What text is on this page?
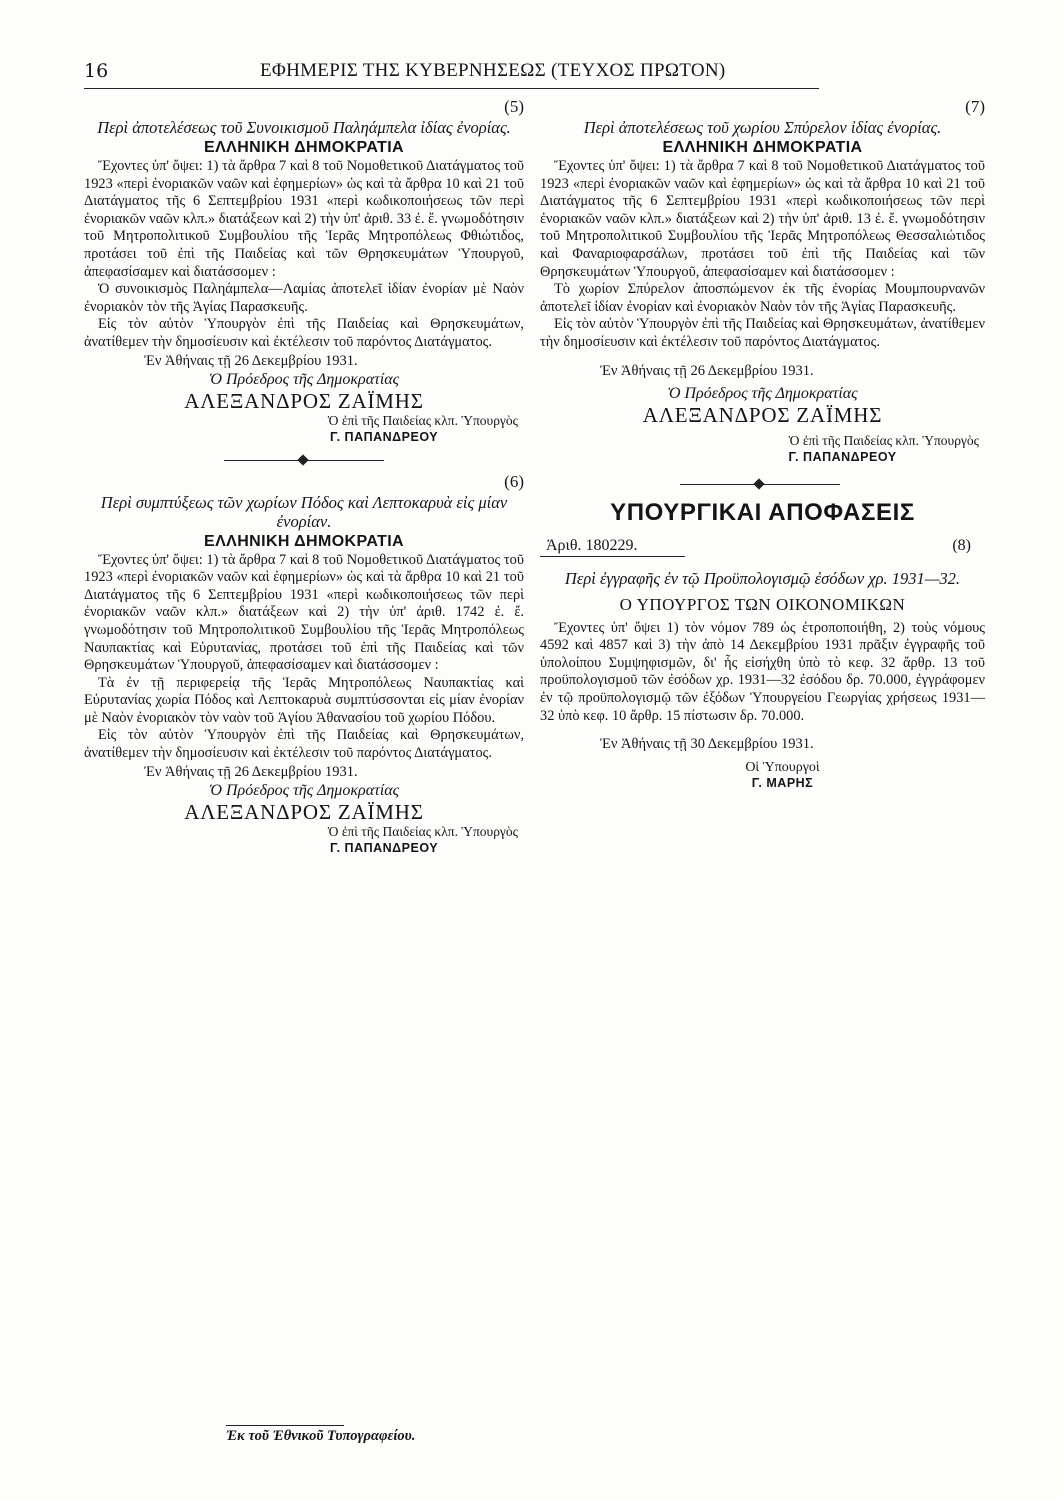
16	ΕΦΗΜΕΡΙΣ ΤΗΣ ΚΥΒΕΡΝΗΣΕΩΣ (ΤΕΥΧΟΣ ΠΡΩΤΟΝ)
(5)
Περὶ ἀποτελέσεως τοῦ Συνοικισμοῦ Παληάμπελα ἰδίας ἐνορίας.
ΕΛΛΗΝΙΚΗ ΔΗΜΟΚΡΑΤΙΑ

Ἔχοντες ὑπ' ὄψει: 1) τὰ ἄρθρα 7 καὶ 8 τοῦ Νομοθετικοῦ Διατάγματος τοῦ 1923 «περὶ ἐνοριακῶν ναῶν καὶ ἐφημερίων» ὡς καὶ τὰ ἄρθρα 10 καὶ 21 τοῦ Διατάγματος τῆς 6 Σεπτεμβρίου 1931 «περὶ κωδικοποιήσεως τῶν περὶ ἐνοριακῶν ναῶν κλπ.» διατάξεων καὶ 2) τὴν ὑπ' ἀριθ. 33 ἐ. ἔ. γνωμοδότησιν τοῦ Μητροπολιτικοῦ Συμβουλίου τῆς Ἱερᾶς Μητροπόλεως Φθιώτιδος, προτάσει τοῦ ἐπὶ τῆς Παιδείας καὶ τῶν Θρησκευμάτων Ὑπουργοῦ, ἀπεφασίσαμεν καὶ διατάσσομεν :

Ὁ συνοικισμὸς Παληάμπελα—Λαμίας ἀποτελεῖ ἰδίαν ἐνορίαν μὲ Ναὸν ἐνοριακὸν τὸν τῆς Ἁγίας Παρασκευῆς.

Εἰς τὸν αὐτὸν Ὑπουργὸν ἐπὶ τῆς Παιδείας καὶ Θρησκευμάτων, ἀνατίθεμεν τὴν δημοσίευσιν καὶ ἐκτέλεσιν τοῦ παρόντος Διατάγματος.

Ἐν Ἀθήναις τῇ 26 Δεκεμβρίου 1931.
Ὁ Πρόεδρος τῆς Δημοκρατίας
ΑΛΕΞΑΝΔΡΟΣ ΖΑΪΜΗΣ
Ὁ ἐπὶ τῆς Παιδείας κλπ. Ὑπουργὸς
Γ. ΠΑΠΑΝΔΡΕΟΥ
(6)
Περὶ συμπτύξεως τῶν χωρίων Πόδος καὶ Λεπτοκαρυὰ εἰς μίαν ἐνορίαν.
ΕΛΛΗΝΙΚΗ ΔΗΜΟΚΡΑΤΙΑ

Ἔχοντες ὑπ' ὄψει: 1) τὰ ἄρθρα 7 καὶ 8 τοῦ Νομοθετικοῦ Διατάγματος τοῦ 1923 «περὶ ἐνοριακῶν ναῶν καὶ ἐφημερίων» ὡς καὶ τὰ ἄρθρα 10 καὶ 21 τοῦ Διατάγματος τῆς 6 Σεπτεμβρίου 1931 «περὶ κωδικοποιήσεως τῶν περὶ ἐνοριακῶν ναῶν κλπ.» διατάξεων καὶ 2) τὴν ὑπ' ἀριθ. 1742 ἐ. ἔ. γνωμοδότησιν τοῦ Μητροπολιτικοῦ Συμβουλίου τῆς Ἱερᾶς Μητροπόλεως Ναυπακτίας καὶ Εὐρυτανίας, προτάσει τοῦ ἐπὶ τῆς Παιδείας καὶ τῶν Θρησκευμάτων Ὑπουργοῦ, ἀπεφασίσαμεν καὶ διατάσσομεν :

Τὰ ἐν τῇ περιφερείᾳ τῆς Ἱερᾶς Μητροπόλεως Ναυπακτίας καὶ Εὐρυτανίας χωρία Πόδος καὶ Λεπτοκαρυὰ συμπτύσσονται εἰς μίαν ἐνορίαν μὲ Ναὸν ἐνοριακὸν τὸν ναὸν τοῦ Ἁγίου Ἀθανασίου τοῦ χωρίου Πόδου.

Εἰς τὸν αὐτὸν Ὑπουργὸν ἐπὶ τῆς Παιδείας καὶ Θρησκευμάτων, ἀνατίθεμεν τὴν δημοσίευσιν καὶ ἐκτέλεσιν τοῦ παρόντος Διατάγματος.

Ἐν Ἀθήναις τῇ 26 Δεκεμβρίου 1931.
Ὁ Πρόεδρος τῆς Δημοκρατίας
ΑΛΕΞΑΝΔΡΟΣ ΖΑΪΜΗΣ
Ὁ ἐπὶ τῆς Παιδείας κλπ. Ὑπουργὸς
Γ. ΠΑΠΑΝΔΡΕΟΥ
(7)
Περὶ ἀποτελέσεως τοῦ χωρίου Σπύρελον ἰδίας ἐνορίας.
ΕΛΛΗΝΙΚΗ ΔΗΜΟΚΡΑΤΙΑ

Ἔχοντες ὑπ' ὄψει: 1) τὰ ἄρθρα 7 καὶ 8 τοῦ Νομοθετικοῦ Διατάγματος τοῦ 1923 «περὶ ἐνοριακῶν ναῶν καὶ ἐφημερίων» ὡς καὶ τὰ ἄρθρα 10 καὶ 21 τοῦ Διατάγματος τῆς 6 Σεπτεμβρίου 1931 «περὶ κωδικοποιήσεως τῶν περὶ ἐνοριακῶν ναῶν κλπ.» διατάξεων καὶ 2) τὴν ὑπ' ἀριθ. 13 ἐ. ἔ. γνωμοδότησιν τοῦ Μητροπολιτικοῦ Συμβουλίου τῆς Ἱερᾶς Μητροπόλεως Θεσσαλιώτιδος καὶ Φαναριοφαρσάλων, προτάσει τοῦ ἐπὶ τῆς Παιδείας καὶ τῶν Θρησκευμάτων Ὑπουργοῦ, ἀπεφασίσαμεν καὶ διατάσσομεν :

Τὸ χωρίον Σπύρελον ἀποσπώμενον ἐκ τῆς ἐνορίας Μουμπουρνανῶν ἀποτελεῖ ἰδίαν ἐνορίαν καὶ ἐνοριακὸν Ναὸν τὸν τῆς Ἁγίας Παρασκευῆς.

Εἰς τὸν αὐτὸν Ὑπουργὸν ἐπὶ τῆς Παιδείας καὶ Θρησκευμάτων, ἀνατίθεμεν τὴν δημοσίευσιν καὶ ἐκτέλεσιν τοῦ παρόντος Διατάγματος.

Ἐν Ἀθήναις τῇ 26 Δεκεμβρίου 1931.
Ὁ Πρόεδρος τῆς Δημοκρατίας
ΑΛΕΞΑΝΔΡΟΣ ΖΑΪΜΗΣ
Ὁ ἐπὶ τῆς Παιδείας κλπ. Ὑπουργὸς
Γ. ΠΑΠΑΝΔΡΕΟΥ
ΥΠΟΥΡΓΙΚΑΙ ΑΠΟΦΑΣΕΙΣ
Ἀριθ. 180229.	(8)
Περὶ ἐγγραφῆς ἐν τῷ Προϋπολογισμῷ ἐσόδων χρ. 1931—32.
Ο ΥΠΟΥΡΓΟΣ ΤΩΝ ΟΙΚΟΝΟΜΙΚΩΝ

Ἔχοντες ὑπ' ὄψει 1) τὸν νόμον 789 ὡς ἐτροποποιήθη, 2) τοὺς νόμους 4592 καὶ 4857 καὶ 3) τὴν ἀπὸ 14 Δεκεμβρίου 1931 πρᾶξιν ἐγγραφῆς τοῦ ὑπολοίπου Συμψηφισμῶν, δι' ἧς εἰσήχθη ὑπὸ τὸ κεφ. 32 ἄρθρ. 13 τοῦ προϋπολογισμοῦ τῶν ἐσόδων χρ. 1931—32 ἐσόδου δρ. 70.000, ἐγγράφομεν ἐν τῷ προϋπολογισμῷ τῶν ἐξόδων Ὑπουργείου Γεωργίας χρήσεως 1931—32 ὑπὸ κεφ. 10 ἄρθρ. 15 πίστωσιν δρ. 70.000.

Ἐν Ἀθήναις τῇ 30 Δεκεμβρίου 1931.
Οἱ Ὑπουργοὶ
Γ. ΜΑΡΗΣ
Ἐκ τοῦ Ἐθνικοῦ Τυπογραφείου.
